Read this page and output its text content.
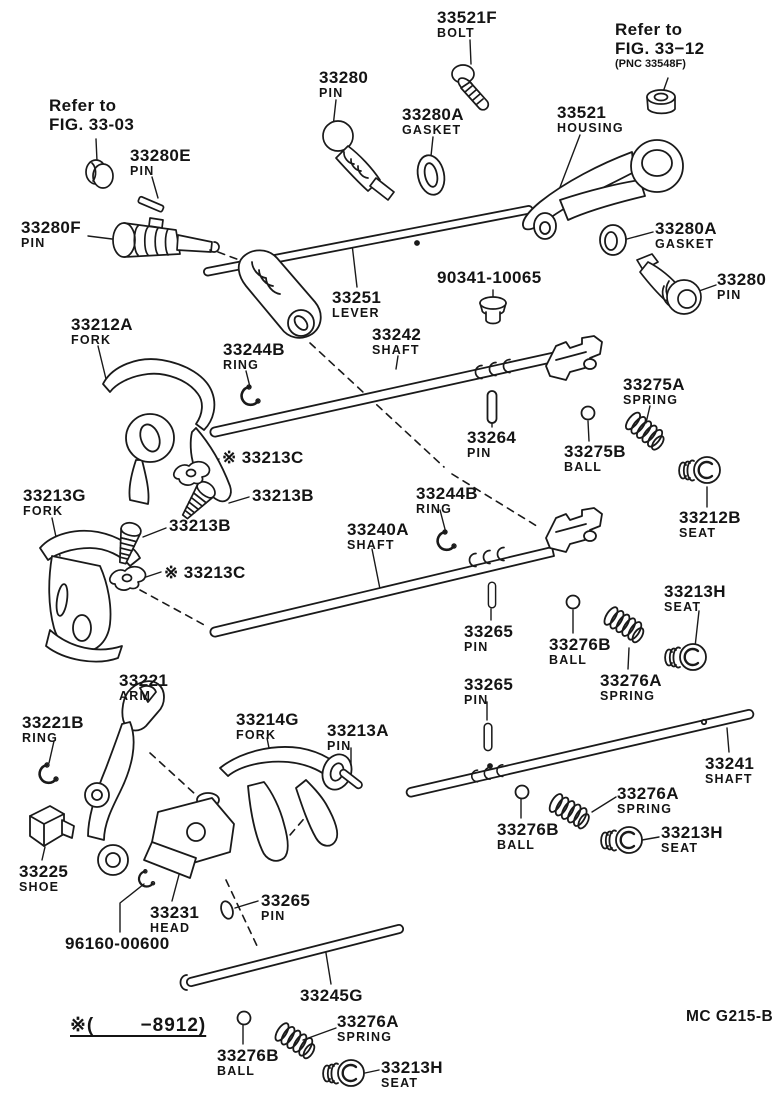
33521F
BOLT	Refer to
FIG. 33−12
(PNC 33548F)
33280
PIN
33280A
GASKET
33521
HOUSING
Refer to
FIG. 33-03
33280E
PIN
33280F
PIN
33280A
GASKET
33280
PIN
90341-10065
33251
LEVER
33242
SHAFT
33212A
FORK	33244B
RING
33264
PIN
33275A
SPRING
33275B
BALL
33212B
SEAT
※ 33213C
33213B
33213B
33213G
FORK
※ 33213C
33244B
RING
33240A
SHAFT
33213H
SEAT
33265
PIN	33276B
BALL
33276A
SPRING
33265
PIN
33221
ARM
33221B
RING
33214G
FORK	33213A
PIN
33241
SHAFT
33276A
SPRING
33276B
BALL
33213H
SEAT
33225
SHOE
33231
HEAD
33265
PIN
96160-00600
33245G
33276A
SPRING
33276B
BALL	33213H
SEAT
※(　　 −8912)	MC G215-B
